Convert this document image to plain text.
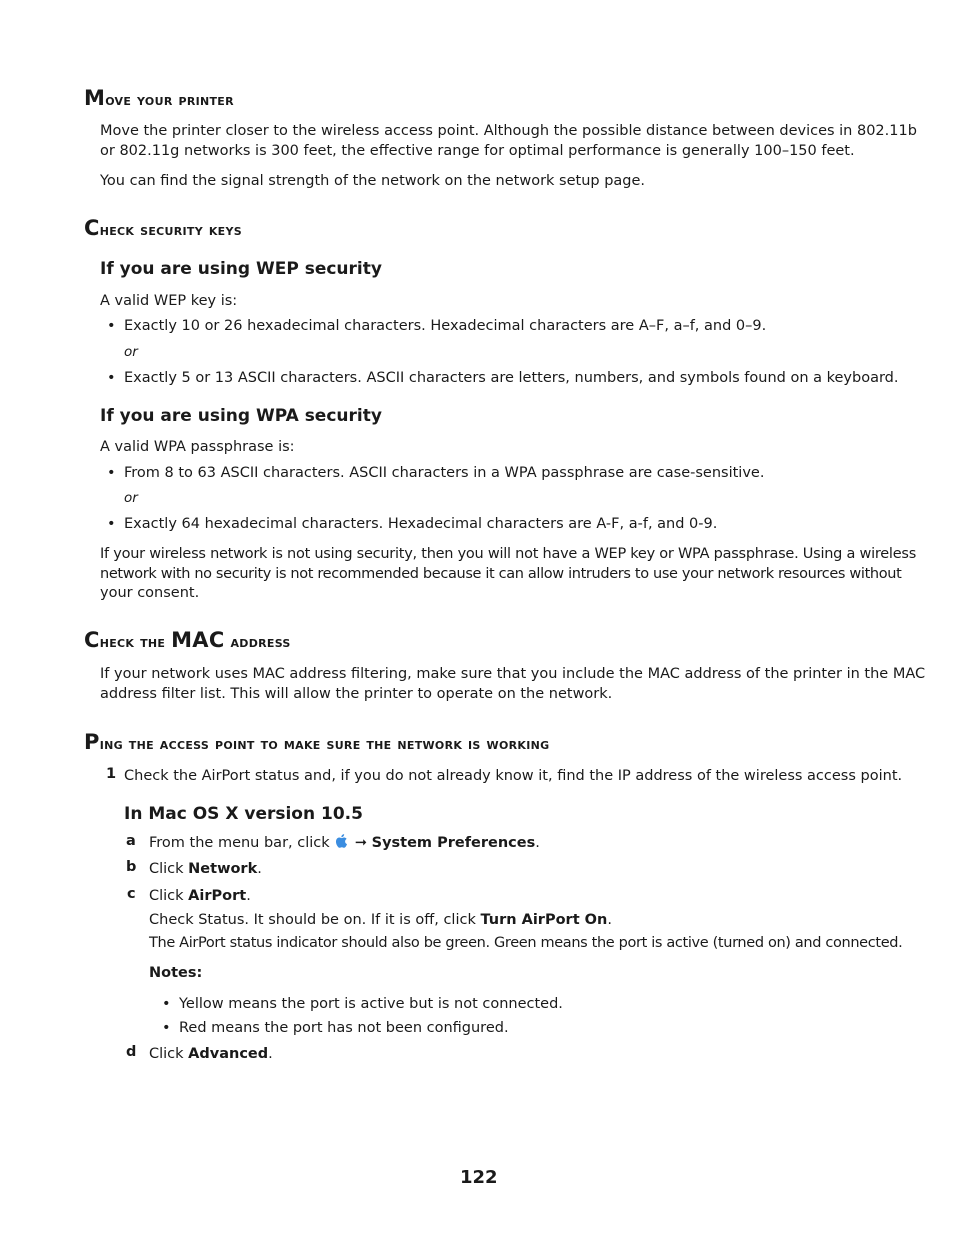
Move your printer
Move the printer closer to the wireless access point. Although the possible distance between devices in 802.11b
or 802.11g networks is 300 feet, the effective range for optimal performance is generally 100–150 feet.
You can find the signal strength of the network on the network setup page.
Check security keys
If you are using WEP security
A valid WEP key is:
• Exactly 10 or 26 hexadecimal characters. Hexadecimal characters are A–F, a–f, and 0–9.
or
• Exactly 5 or 13 ASCII characters. ASCII characters are letters, numbers, and symbols found on a keyboard.
If you are using WPA security
A valid WPA passphrase is:
• From 8 to 63 ASCII characters. ASCII characters in a WPA passphrase are case-sensitive.
or
• Exactly 64 hexadecimal characters. Hexadecimal characters are A-F, a-f, and 0-9.
If your wireless network is not using security, then you will not have a WEP key or WPA passphrase. Using a wireless
network with no security is not recommended because it can allow intruders to use your network resources without
your consent.
Check the MAC address
If your network uses MAC address filtering, make sure that you include the MAC address of the printer in the MAC
address filter list. This will allow the printer to operate on the network.
Ping the access point to make sure the network is working
1 Check the AirPort status and, if you do not already know it, find the IP address of the wireless access point.
In Mac OS X version 10.5
a From the menu bar, click ➞ System Preferences.
b Click Network.
c Click AirPort.
Check Status. It should be on. If it is off, click Turn AirPort On.
The AirPort status indicator should also be green. Green means the port is active (turned on) and connected.
Notes:
• Yellow means the port is active but is not connected.
• Red means the port has not been configured.
d Click Advanced.
122
